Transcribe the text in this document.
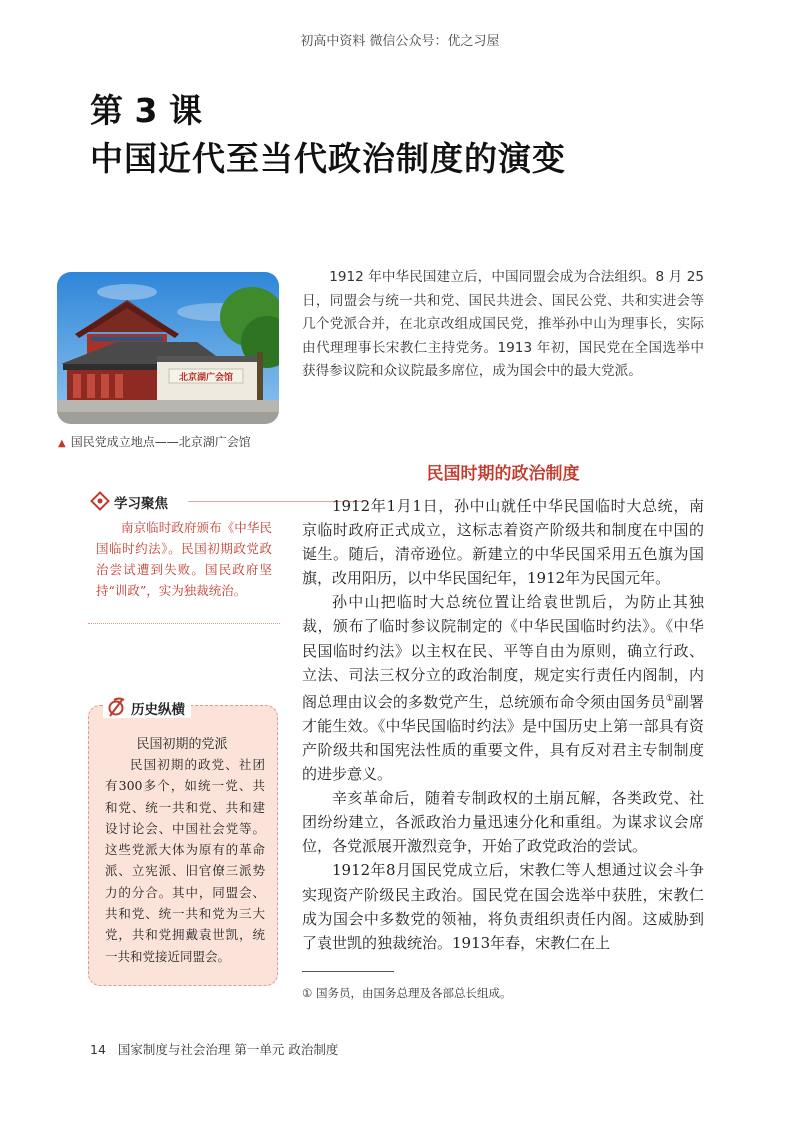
初高中资料 微信公众号：优之习屋
第 3 课
中国近代至当代政治制度的演变
北京湖广会馆
▲ 国民党成立地点——北京湖广会馆

1912 年中华民国建立后，中国同盟会成为合法组织。8 月 25 日，同盟会与统一共和党、国民共进会、国民公党、共和实进会等几个党派合并，在北京改组成国民党，推举孙中山为理事长，实际由代理理事长宋教仁主持党务。1913 年初，国民党在全国选举中获得参议院和众议院最多席位，成为国会中的最大党派。

学习聚焦

南京临时政府颁布《中华民国临时约法》。民国初期政党政治尝试遭到失败。国民政府坚持“训政”，实为独裁统治。

历史纵横
民国初期的党派

民国初期的政党、社团有300多个，如统一党、共和党、统一共和党、共和建设讨论会、中国社会党等。这些党派大体为原有的革命派、立宪派、旧官僚三派势力的分合。其中，同盟会、共和党、统一共和党为三大党，共和党拥戴袁世凯，统一共和党接近同盟会。

民国时期的政治制度

1912年1月1日，孙中山就任中华民国临时大总统，南京临时政府正式成立，这标志着资产阶级共和制度在中国的诞生。随后，清帝逊位。新建立的中华民国采用五色旗为国旗，改用阳历，以中华民国纪年，1912年为民国元年。

孙中山把临时大总统位置让给袁世凯后，为防止其独裁，颁布了临时参议院制定的《中华民国临时约法》。《中华民国临时约法》以主权在民、平等自由为原则，确立行政、立法、司法三权分立的政治制度，规定实行责任内阁制，内阁总理由议会的多数党产生，总统颁布命令须由国务员①副署才能生效。《中华民国临时约法》是中国历史上第一部具有资产阶级共和国宪法性质的重要文件，具有反对君主专制制度的进步意义。

辛亥革命后，随着专制政权的土崩瓦解，各类政党、社团纷纷建立，各派政治力量迅速分化和重组。为谋求议会席位，各党派展开激烈竞争，开始了政党政治的尝试。

1912年8月国民党成立后，宋教仁等人想通过议会斗争实现资产阶级民主政治。国民党在国会选举中获胜，宋教仁成为国会中多数党的领袖，将负责组织责任内阁。这威胁到了袁世凯的独裁统治。1913年春，宋教仁在上

① 国务员，由国务总理及各部总长组成。
14 国家制度与社会治理 第一单元 政治制度
